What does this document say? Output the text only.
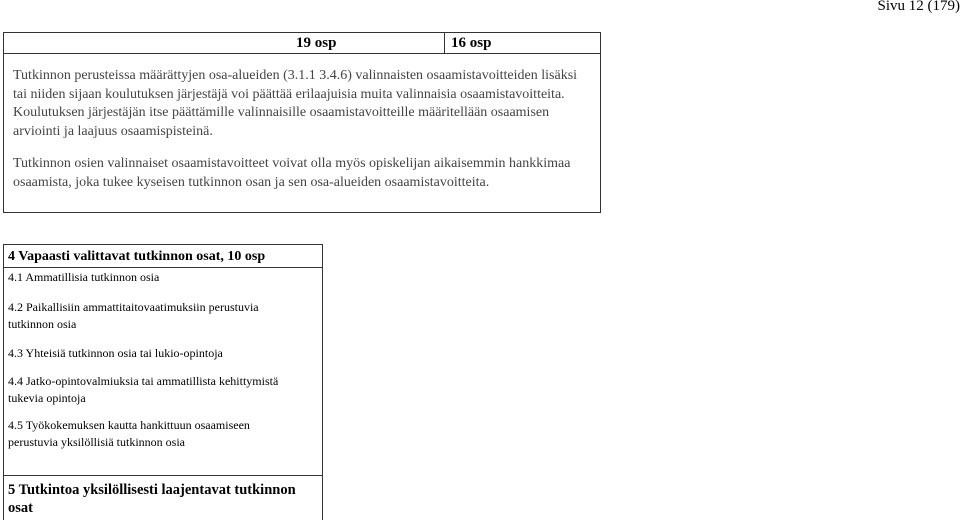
Sivu 12 (179)
19 osp	16 osp
Tutkinnon perusteissa määrättyjen osa-alueiden (3.1.1 3.4.6) valinnaisten osaamistavoitteiden lisäksi tai niiden sijaan koulutuksen järjestäjä voi päättää erilaajuisia muita valinnaisia osaamistavoitteita. Koulutuksen järjestäjän itse päättämille valinnaisille osaamistavoitteille määritellään osaamisen arviointi ja laajuus osaamispisteinä.
Tutkinnon osien valinnaiset osaamistavoitteet voivat olla myös opiskelijan aikaisemmin hankkimaa osaamista, joka tukee kyseisen tutkinnon osan ja sen osa-alueiden osaamistavoitteita.
4 Vapaasti valittavat tutkinnon osat, 10 osp
4.1 Ammatillisia tutkinnon osia
4.2 Paikallisiin ammattitaitovaatimuksiin perustuvia tutkinnon osia
4.3 Yhteisiä tutkinnon osia tai lukio-opintoja
4.4 Jatko-opintovalmiuksia tai ammatillista kehittymistä tukevia opintoja
4.5 Työkokemuksen kautta hankittuun osaamiseen perustuvia yksilöllisiä tutkinnon osia
5 Tutkintoa yksilöllisesti laajentavat tutkinnon osat
